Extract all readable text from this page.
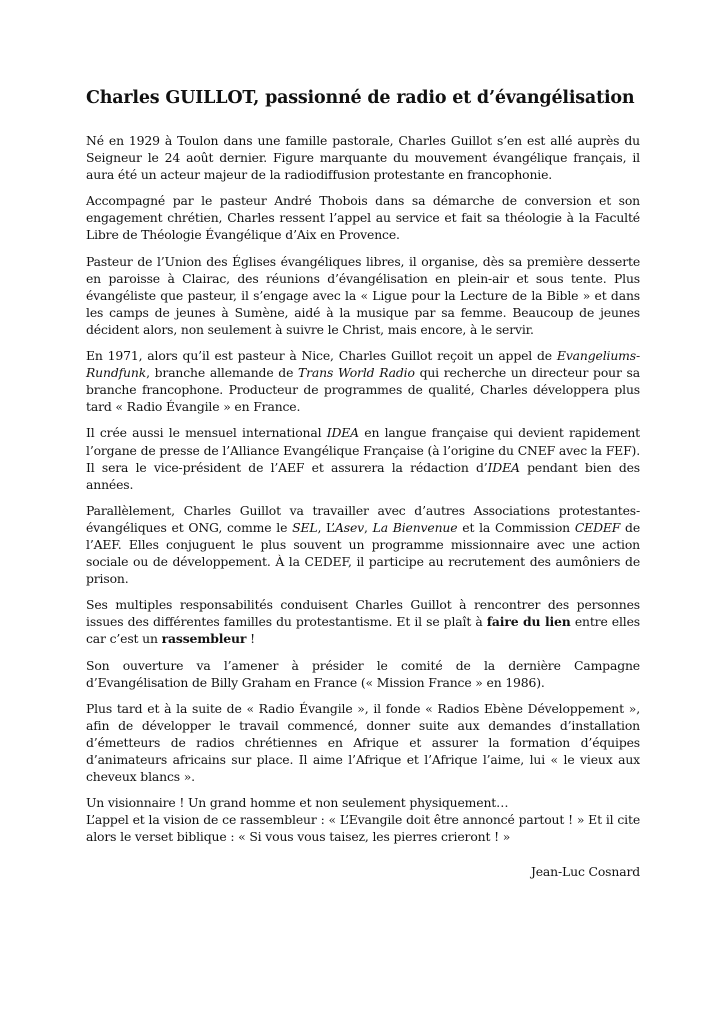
Charles GUILLOT, passionné de radio et d’évangélisation

Né en 1929 à Toulon dans une famille pastorale, Charles Guillot s’en est allé auprès du Seigneur le 24 août dernier. Figure marquante du mouvement évangélique français, il aura été un acteur majeur de la radiodiffusion protestante en francophonie.

Accompagné par le pasteur André Thobois dans sa démarche de conversion et son engagement chrétien, Charles ressent l’appel au service et fait sa théologie à la Faculté Libre de Théologie Évangélique d’Aix en Provence.

Pasteur de l’Union des Églises évangéliques libres, il organise, dès sa première desserte en paroisse à Clairac, des réunions d’évangélisation en plein-air et sous tente. Plus évangéliste que pasteur, il s’engage avec la « Ligue pour la Lecture de la Bible » et dans les camps de jeunes à Sumène, aidé à la musique par sa femme. Beaucoup de jeunes décident alors, non seulement à suivre le Christ, mais encore, à le servir.

En 1971, alors qu’il est pasteur à Nice, Charles Guillot reçoit un appel de Evangeliums-Rundfunk, branche allemande de Trans World Radio qui recherche un directeur pour sa branche francophone. Producteur de programmes de qualité, Charles développera plus tard « Radio Évangile » en France.

Il crée aussi le mensuel international IDEA en langue française qui devient rapidement l’organe de presse de l’Alliance Evangélique Française (à l’origine du CNEF avec la FEF). Il sera le vice-président de l’AEF et assurera la rédaction d’IDEA pendant bien des années.

Parallèlement, Charles Guillot va travailler avec d’autres Associations protestantes-évangéliques et ONG, comme le SEL, L’Asev, La Bienvenue et la Commission CEDEF de l’AEF. Elles conjuguent le plus souvent un programme missionnaire avec une action sociale ou de développement. À la CEDEF, il participe au recrutement des aumôniers de prison.

Ses multiples responsabilités conduisent Charles Guillot à rencontrer des personnes issues des différentes familles du protestantisme. Et il se plaît à faire du lien entre elles car c’est un rassembleur !

Son ouverture va l’amener à présider le comité de la dernière Campagne d’Evangélisation de Billy Graham en France (« Mission France » en 1986).

Plus tard et à la suite de « Radio Évangile », il fonde « Radios Ebène Développement », afin de développer le travail commencé, donner suite aux demandes d’installation d’émetteurs de radios chrétiennes en Afrique et assurer la formation d’équipes d’animateurs africains sur place. Il aime l’Afrique et l’Afrique l’aime, lui « le vieux aux cheveux blancs ».

Un visionnaire ! Un grand homme et non seulement physiquement…
L’appel et la vision de ce rassembleur : « L’Evangile doit être annoncé partout ! » Et il cite alors le verset biblique : « Si vous vous taisez, les pierres crieront ! »

Jean-Luc Cosnard
